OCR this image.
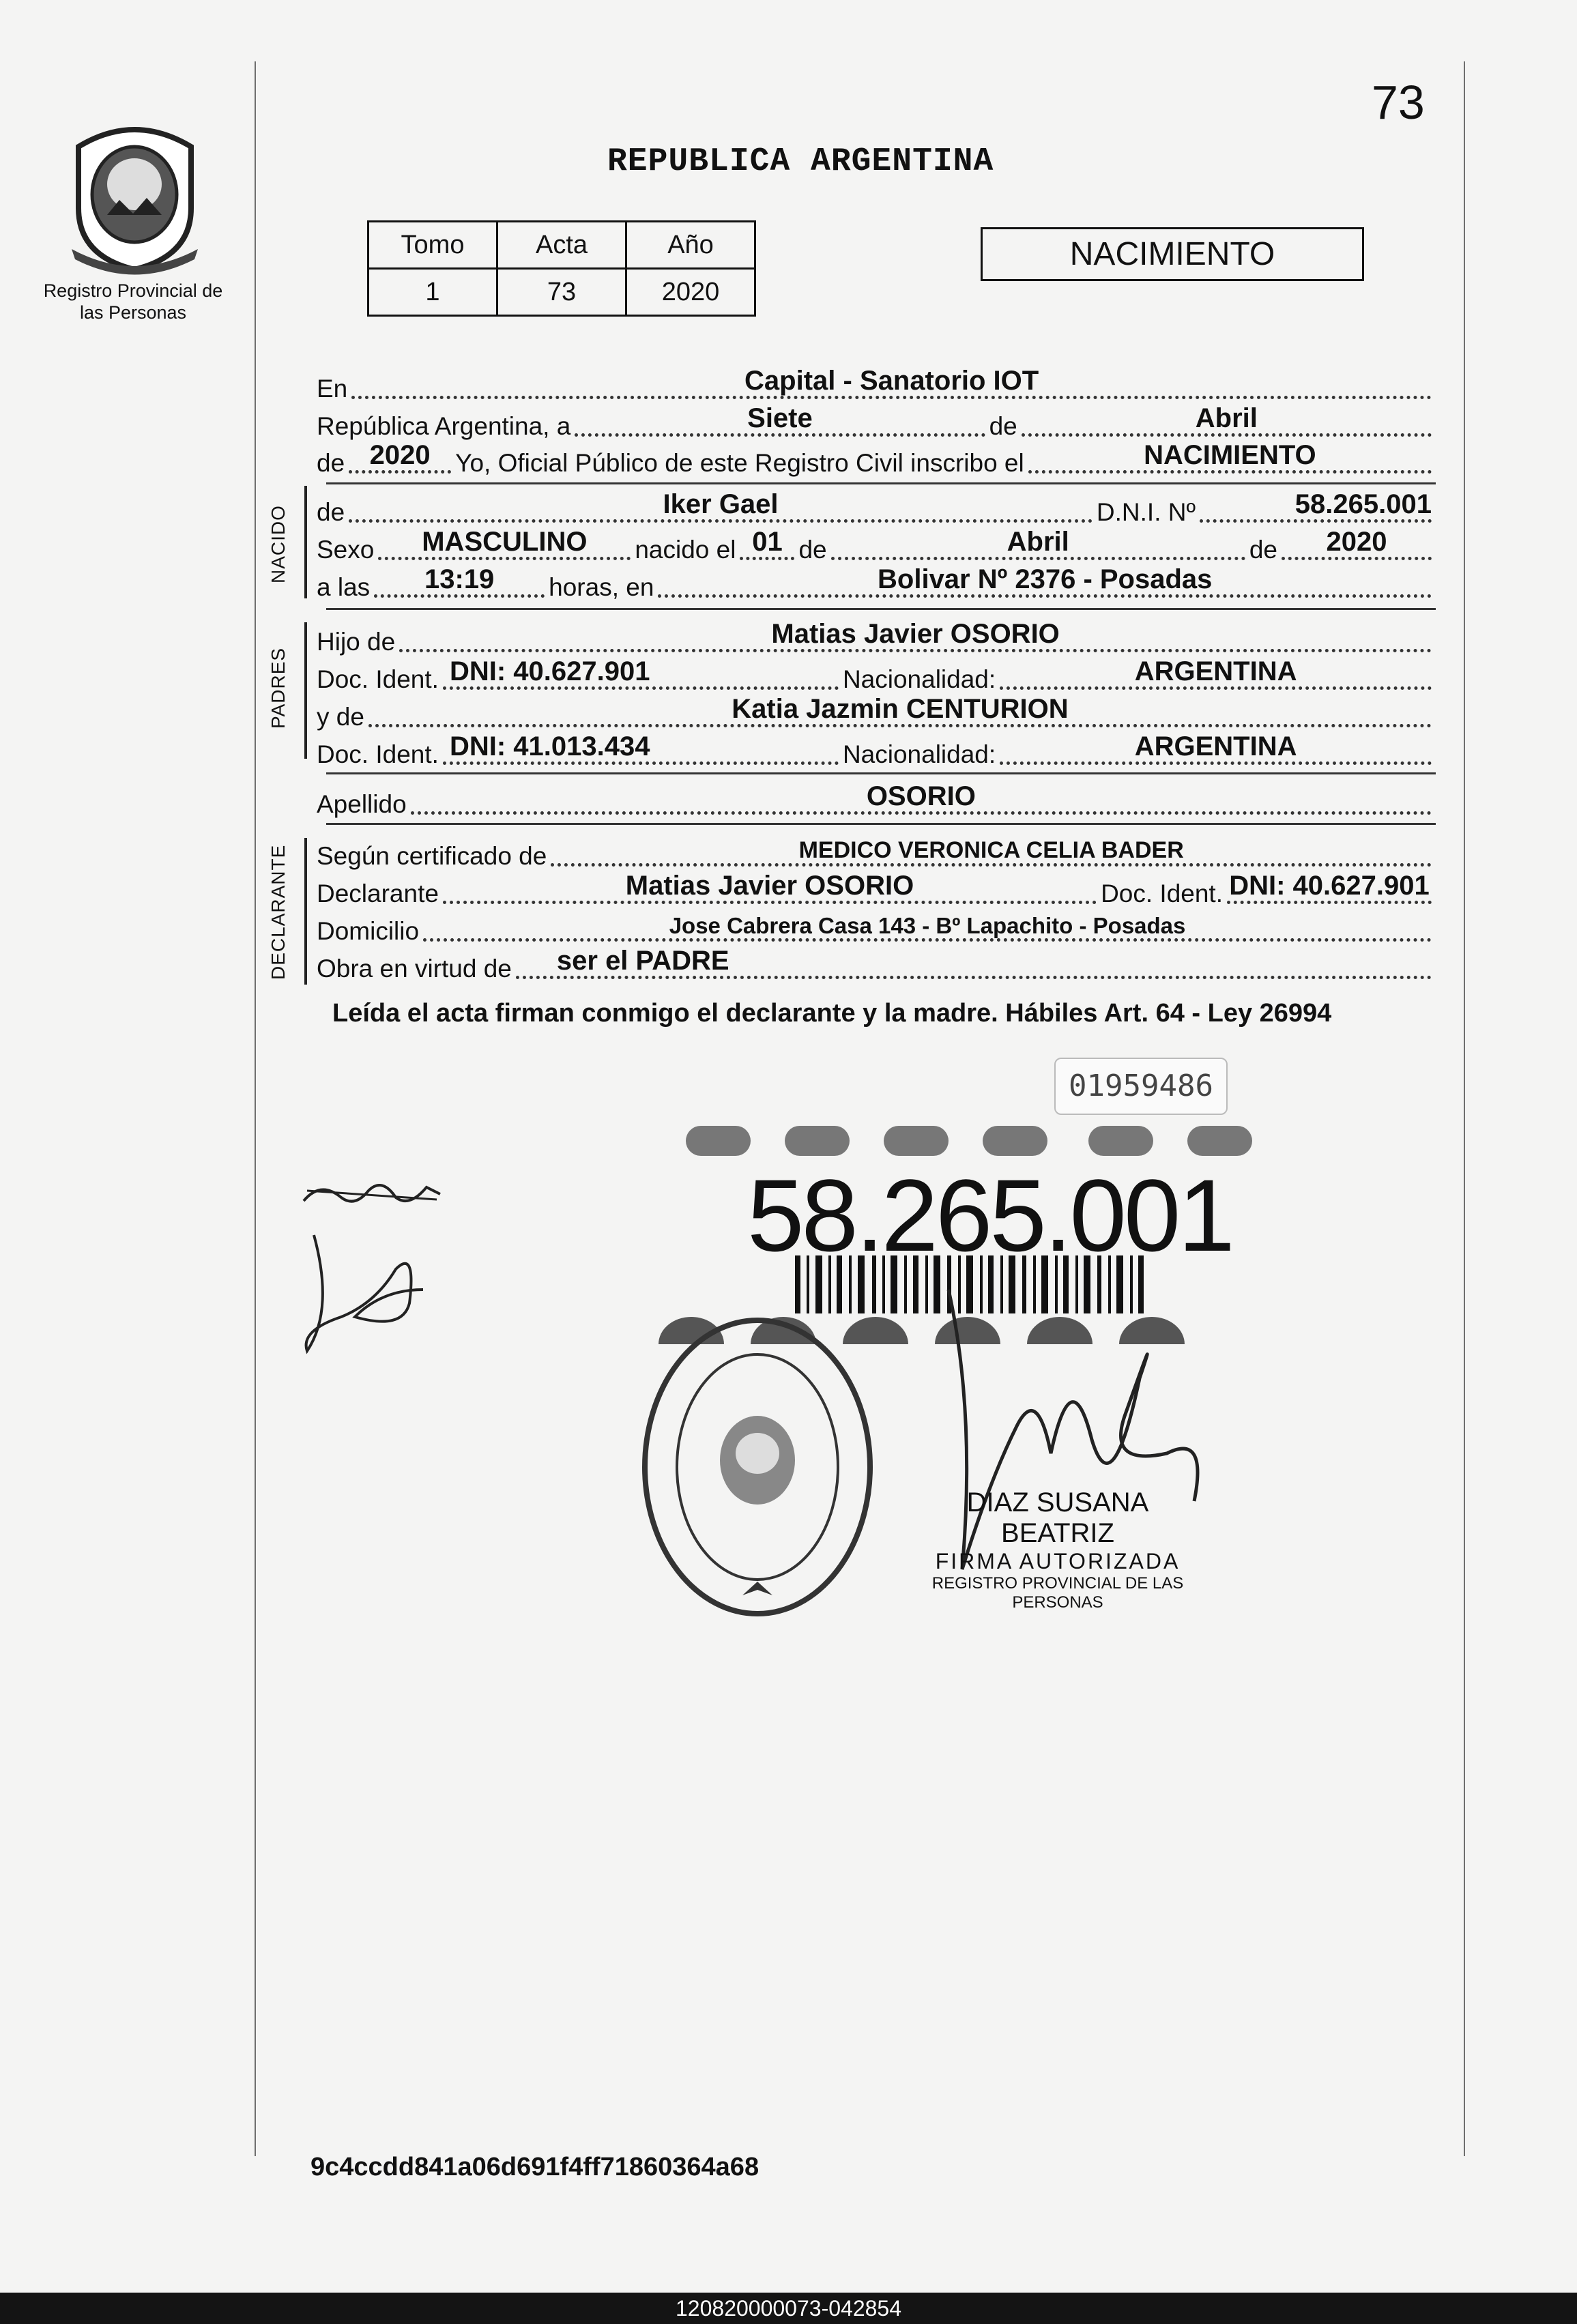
Registro Provincial de las Personas
73
REPUBLICA ARGENTINA
Tomo	Acta	Año
1	73	2020
NACIMIENTO
En	Capital - Sanatorio IOT
República Argentina, a	Siete	de	Abril
de 2020 Yo, Oficial Público de este Registro Civil inscribo el	NACIMIENTO
NACIDO de	Iker Gael	D.N.I. Nº	58.265.001
Sexo	MASCULINO	nacido el 01 de	Abril	de	2020
a las	13:19	horas, en	Bolivar Nº 2376 - Posadas
PADRES
Hijo de	Matias Javier OSORIO
Doc. Ident. DNI: 40.627.901	Nacionalidad:	ARGENTINA
y de	Katia Jazmin CENTURION
Doc. Ident. DNI: 41.013.434	Nacionalidad:	ARGENTINA
Apellido	OSORIO
DECLARANTE Según certificado de	MEDICO VERONICA CELIA BADER
Declarante	Matias Javier OSORIO	Doc. Ident. DNI: 40.627.901
Domicilio	Jose Cabrera Casa 143 - Bº Lapachito - Posadas
Obra en virtud de ser el PADRE
Leída el acta firman conmigo el declarante y la madre. Hábiles Art. 64 - Ley 26994
01959486
58.265.001
DIAZ SUSANA BEATRIZ
FIRMA AUTORIZADA
REGISTRO PROVINCIAL DE LAS PERSONAS
9c4ccdd841a06d691f4ff71860364a68
120820000073-042854
